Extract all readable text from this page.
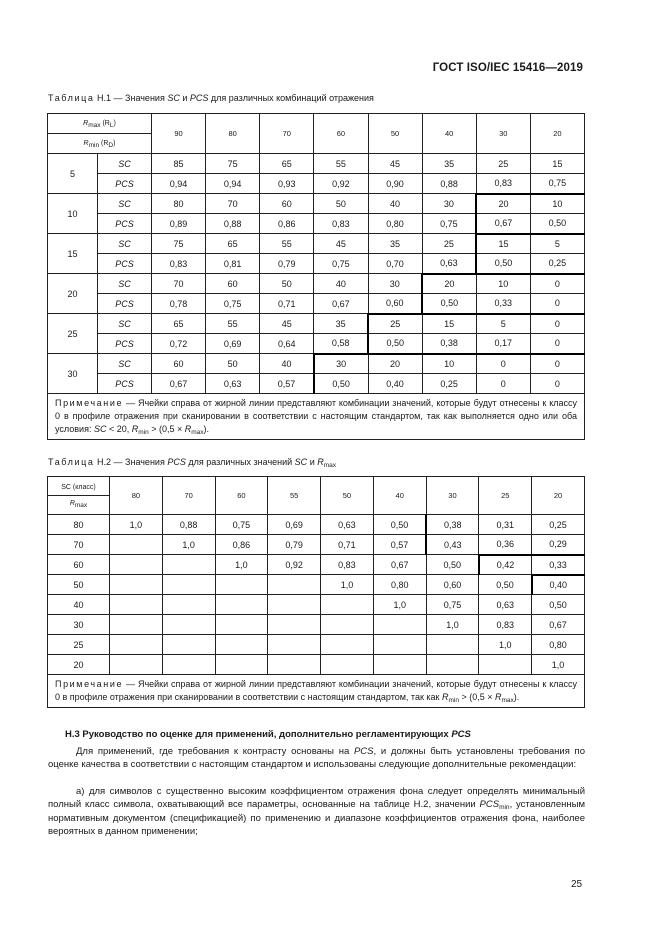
ГОСТ ISO/IEC 15416—2019
Таблица Н.1 — Значения SC и PCS для различных комбинаций отражения
$R_{max}$ $(R_L)$		90	80	70	60	50	40	30	20
$R_{min}$ $(R_D)$									
5	SC	85	75	65	55	45	35	25	15
	PCS	0,94	0,94	0,93	0,92	0,90	0,88	0,83	0,75
10	SC	80	70	60	50	40	30	20	10
	PCS	0,89	0,88	0,86	0,83	0,80	0,75	0,67	0,50
15	SC	75	65	55	45	35	25	15	5
	PCS	0,83	0,81	0,79	0,75	0,70	0,63	0,50	0,25
20	SC	70	60	50	40	30	20	10	0
	PCS	0,78	0,75	0,71	0,67	0,60	0,50	0,33	0
25	SC	65	55	45	35	25	15	5	0
	PCS	0,72	0,69	0,64	0,58	0,50	0,38	0,17	0
30	SC	60	50	40	30	20	10	0	0
	PCS	0,67	0,63	0,57	0,50	0,40	0,25	0	0
Примечание — Ячейки справа от жирной линии представляют комбинации значений, которые будут отнесены к классу 0 в профиле отражения при сканировании в соответствии с настоящим стандартом, так как выполняется одно или оба условия: SC < 20, $R_{min} > (0,5 \times R_{max})$.									
Таблица Н.2 — Значения PCS для различных значений SC и $R_{max}$
SC (класс)
$R_{max}$	80	70	60	55	50	40	30	25	20
80	1,0	0,88	0,75	0,69	0,63	0,50	0,38	0,31	0,25
70		1,0	0,86	0,79	0,71	0,57	0,43	0,36	0,29
60			1,0	0,92	0,83	0,67	0,50	0,42	0,33
50					1,0	0,80	0,60	0,50	0,40
40						1,0	0,75	0,63	0,50
30							1,0	0,83	0,67
25								1,0	0,80
20									1,0
Примечание — Ячейки справа от жирной линии представляют комбинации значений, которые будут отнесены к классу 0 в профиле отражения при сканировании в соответствии с настоящим стандартом, так как $R_{min} > (0,5 \times R_{max})$.									
Н.3 Руководство по оценке для применений, дополнительно регламентирующих PCS
Для применений, где требования к контрасту основаны на PCS, и должны быть установлены требования по оценке качества в соответствии с настоящим стандартом и использованы следующие дополнительные рекомендации:
а) для символов с существенно высоким коэффициентом отражения фона следует определять минимальный полный класс символа, охватывающий все параметры, основанные на таблице Н.2, значении $PCS_{min}$, установленным нормативным документом (спецификацией) по применению и диапазоне коэффициентов отражения фона, наиболее вероятных в данном применении;
25
